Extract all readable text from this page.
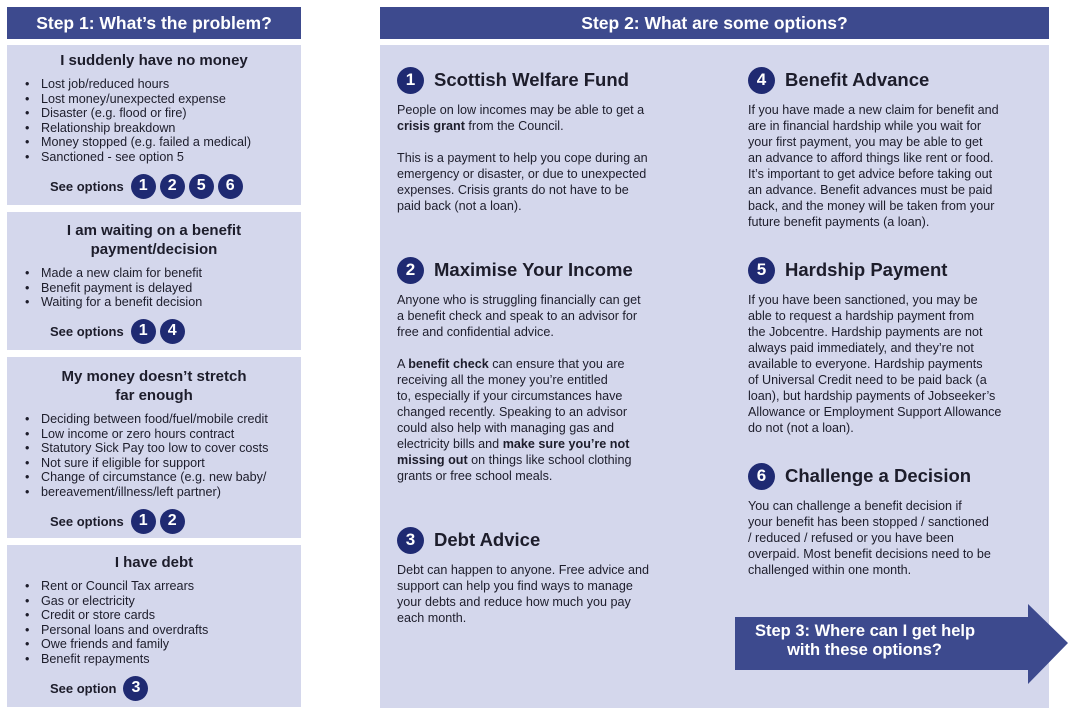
Step 1: What’s the problem?	Step 2: What are some options?
I suddenly have no money
• Lost job/reduced hours
• Lost money/unexpected expense
• Disaster (e.g. flood or fire)
• Relationship breakdown
• Money stopped (e.g. failed a medical)
• Sanctioned - see option 5
See options 1	2	5	6
I am waiting on a benefit
payment/decision
• Made a new claim for benefit
• Benefit payment is delayed
• Waiting for a benefit decision
See options 1	4
My money doesn’t stretch
far enough
• Deciding between food/fuel/mobile credit
• Low income or zero hours contract
• Statutory Sick Pay too low to cover costs
• Not sure if eligible for support
• Change of circumstance (e.g. new baby/
• bereavement/illness/left partner)
See options 1	2
I have debt
• Rent or Council Tax arrears
• Gas or electricity
• Credit or store cards
• Personal loans and overdrafts
• Owe friends and family
• Benefit repayments
See option 3
1	Scottish Welfare Fund
People on low incomes may be able to get a
crisis grant from the Council.
This is a payment to help you cope during an
emergency or disaster, or due to unexpected
expenses. Crisis grants do not have to be
paid back (not a loan).
2	Maximise Your Income
Anyone who is struggling financially can get
a benefit check and speak to an advisor for
free and confidential advice.
A benefit check can ensure that you are
receiving all the money you’re entitled
to, especially if your circumstances have
changed recently. Speaking to an advisor
could also help with managing gas and
electricity bills and make sure you’re not
missing out on things like school clothing
grants or free school meals.
3	Debt Advice
Debt can happen to anyone. Free advice and
support can help you find ways to manage
your debts and reduce how much you pay
each month.
4	Benefit Advance
If you have made a new claim for benefit and
are in financial hardship while you wait for
your first payment, you may be able to get
an advance to afford things like rent or food.
It’s important to get advice before taking out
an advance. Benefit advances must be paid
back, and the money will be taken from your
future benefit payments (a loan).
5	Hardship Payment
If you have been sanctioned, you may be
able to request a hardship payment from
the Jobcentre. Hardship payments are not
always paid immediately, and they’re not
available to everyone. Hardship payments
of Universal Credit need to be paid back (a
loan), but hardship payments of Jobseeker’s
Allowance or Employment Support Allowance
do not (not a loan).
6	Challenge a Decision
You can challenge a benefit decision if
your benefit has been stopped / sanctioned
/ reduced / refused or you have been
overpaid. Most benefit decisions need to be
challenged within one month.
Step 3: Where can I get help
with these options?
